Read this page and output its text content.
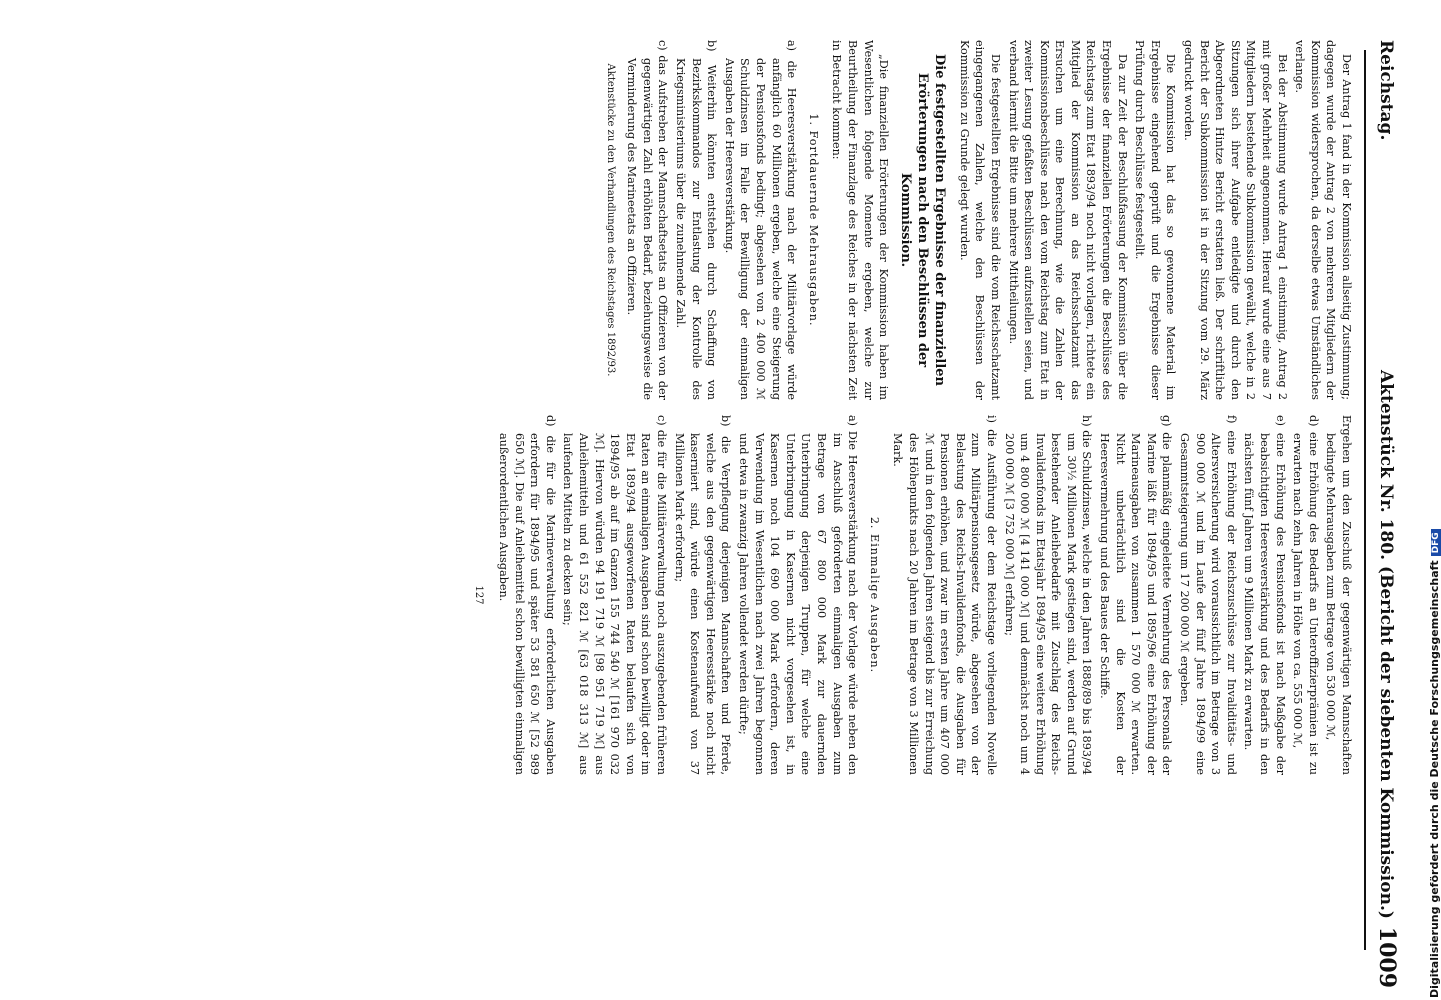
Reichstag.
Aktenstück Nr. 180. (Bericht der siebenten Kommission.)
1009

Der Antrag 1 fand in der Kommission allseitig Zustimmung; dagegen wurde der Antrag 2 von mehreren Mitgliedern der Kommission widersprochen, da derselbe etwas Umständliches verlange.

Bei der Abstimmung wurde Antrag 1 einstimmig, Antrag 2 mit großer Mehrheit angenommen. Hierauf wurde eine aus 7 Mitgliedern bestehende Subkommission gewählt, welche in 2 Sitzungen sich ihrer Aufgabe entledigte und durch den Abgeordneten Hintze Bericht erstatten ließ. Der schriftliche Bericht der Subkommission ist in der Sitzung vom 29. März gedruckt worden.

Die Kommission hat das so gewonnene Material im Ergebnisse eingehend geprüft und die Ergebnisse dieser Prüfung durch Beschlüsse festgestellt.

Da zur Zeit der Beschlußfassung der Kommission über die Ergebnisse der finanziellen Erörterungen die Beschlüsse des Reichstags zum Etat 1893/94 noch nicht vorlagen, richtete ein Mitglied der Kommission an das Reichsschatzamt das Ersuchen um eine Berechnung, wie die Zahlen der Kommissionsbeschlüsse nach den vom Reichstag zum Etat in zweiter Lesung gefaßten Beschlüssen aufzustellen seien, und verband hiermit die Bitte um mehrere Mittheilungen.

Die festgestellten Ergebnisse sind die vom Reichsschatzamt eingegangenen Zahlen, welche den Beschlüssen der Kommission zu Grunde gelegt wurden.

Die festgestellten Ergebnisse der finanziellen Erörterungen nach den Beschlüssen der Kommission.

„Die finanziellen Erörterungen der Kommission haben im Wesentlichen folgende Momente ergeben, welche zur Beurtheilung der Finanzlage des Reiches in der nächsten Zeit in Betracht kommen:

1. Fortdauernde Mehrausgaben.
a) die Heeresverstärkung nach der Militärvorlage würde anfänglich 60 Millionen ergeben, welche eine Steigerung der Pensionsfonds bedingt; abgesehen von 2 400 000 ℳ Schuldzinsen im Falle der Bewilligung der einmaligen Ausgaben der Heeresverstärkung.
b) Weiterhin könnten entstehen durch Schaffung von Bezirkskommandos zur Entlastung der Kontrolle des Kriegsministeriums über die zunehmende Zahl.
c) das Aufstreben der Mannschaftsetats an Offizieren von der gegenwärtigen Zahl erhöhten Bedarf, beziehungsweise die Verminderung des Marineetats an Offizieren.
Aktenstücke zu den Verhandlungen des Reichstages 1892/93.
Ergehen um den Zuschuß der gegenwärtigen Mannschaften bedingte Mehrausgaben zum Betrage von 530 000 ℳ,
d) eine Erhöhung des Bedarfs an Unteroffizierprämien ist zu erwarten nach zehn Jahren in Höhe von ca. 555 000 ℳ,
e) eine Erhöhung des Pensionsfonds ist nach Maßgabe der beabsichtigten Heeresverstärkung und des Bedarfs in den nächsten fünf Jahren um 9 Millionen Mark zu erwarten.
f) eine Erhöhung der Reichszuschüsse zur Invaliditäts- und Altersversicherung wird voraussichtlich im Betrage von 3 900 000 ℳ und im Laufe der fünf Jahre 1894/99 eine Gesammtsteigerung um 17 200 000 ℳ ergeben.
g) die planmäßig eingeleitete Vermehrung des Personals der Marine läßt für 1894/95 und 1895/96 eine Erhöhung der Marineausgaben von zusammen 1 570 000 ℳ erwarten. Nicht unbeträchtlich sind die Kosten der Heeresvermehrung und des Baues der Schiffe.
h) die Schuldzinsen, welche in den Jahren 1888/89 bis 1893/94 um 30½ Millionen Mark gestiegen sind, werden auf Grund bestehender Anleihebedarfe mit Zuschlag des Reichs-Invalidenfonds im Etatsjahr 1894/95 eine weitere Erhöhung um 4 800 000 ℳ [4 141 000 ℳ] und demnächst noch um 4 200 000 ℳ [3 752 000 ℳ] erfahren;
i) die Ausführung der dem Reichstage vorliegenden Novelle zum Militärpensionsgesetz würde, abgesehen von der Belastung des Reichs-Invalidenfonds, die Ausgaben für Pensionen erhöhen, und zwar im ersten Jahre um 407 000 ℳ und in den folgenden Jahren steigend bis zur Erreichung des Höhepunkts nach 20 Jahren im Betrage von 3 Millionen Mark.
2. Einmalige Ausgaben.
a) Die Heeresverstärkung nach der Vorlage würde neben den im Anschluß geforderten einmaligen Ausgaben zum Betrage von 67 800 000 Mark zur dauernden Unterbringung derjenigen Truppen, für welche eine Unterbringung in Kasernen nicht vorgesehen ist, in Kasernen noch 104 690 000 Mark erfordern, deren Verwendung im Wesentlichen nach zwei Jahren begonnen und etwa in zwanzig Jahren vollendet werden dürfte;
b) die Verpflegung derjenigen Mannschaften und Pferde, welche aus den gegenwärtigen Heeresstärke noch nicht kaserniert sind, würde einen Kostenaufwand von 37 Millionen Mark erfordern;
c) die für die Militärverwaltung noch auszugebenden früheren Raten an einmaligen Ausgaben sind schon bewilligt oder im Etat 1893/94 ausgeworfenen Raten belaufen sich von 1894/95 ab auf im Ganzen 155 744 540 ℳ [161 970 032 ℳ]. Hiervon würden 94 191 719 ℳ [98 951 719 ℳ] aus Anleihemitteln und 61 552 821 ℳ [63 018 313 ℳ] aus laufenden Mitteln zu decken sein;
d) die für die Marineverwaltung erforderlichen Ausgaben erfordern für 1894/95 und später 53 581 650 ℳ [52 989 650 ℳ]. Die auf Anleihemittel schon bewilligten einmaligen außerordentlichen Ausgaben.
127	Digitalisierung gefördert durch die Deutsche ForschungsgemeinschaftDFG
